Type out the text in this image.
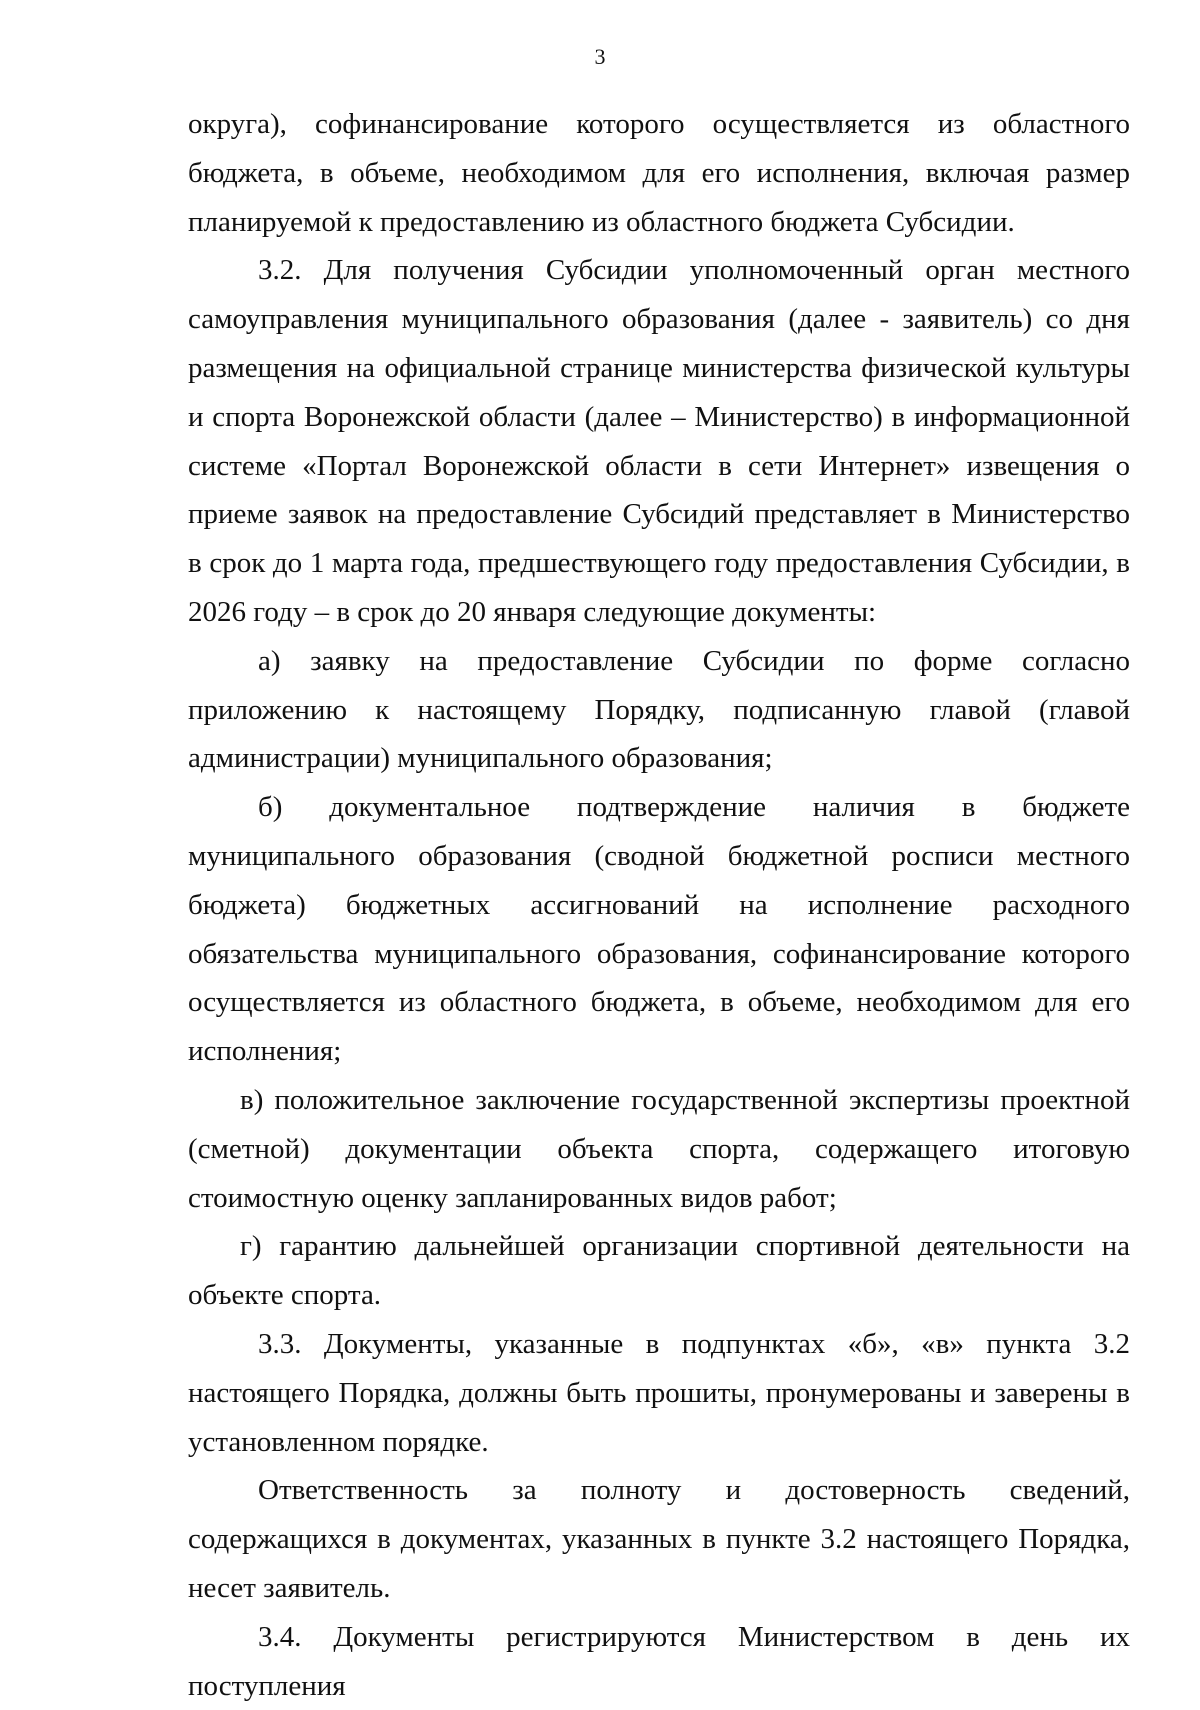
3

округа), софинансирование которого осуществляется из областного бюджета, в объеме, необходимом для его исполнения, включая размер планируемой к предоставлению из областного бюджета Субсидии.

3.2. Для получения Субсидии уполномоченный орган местного самоуправления муниципального образования (далее - заявитель) со дня размещения на официальной странице министерства физической культуры и спорта Воронежской области (далее – Министерство) в информационной системе «Портал Воронежской области в сети Интернет» извещения о приеме заявок на предоставление Субсидий представляет в Министерство в срок до 1 марта года, предшествующего году предоставления Субсидии, в 2026 году – в срок до 20 января следующие документы:

а) заявку на предоставление Субсидии по форме согласно приложению к настоящему Порядку, подписанную главой (главой администрации) муниципального образования;

б) документальное подтверждение наличия в бюджете муниципального образования (сводной бюджетной росписи местного бюджета) бюджетных ассигнований на исполнение расходного обязательства муниципального образования, софинансирование которого осуществляется из областного бюджета, в объеме, необходимом для его исполнения;

в) положительное заключение государственной экспертизы проектной (сметной) документации объекта спорта, содержащего итоговую стоимостную оценку запланированных видов работ;

г) гарантию дальнейшей организации спортивной деятельности на объекте спорта.

3.3. Документы, указанные в подпунктах «б», «в» пункта 3.2 настоящего Порядка, должны быть прошиты, пронумерованы и заверены в установленном порядке.

Ответственность за полноту и достоверность сведений, содержащихся в документах, указанных в пункте 3.2 настоящего Порядка, несет заявитель.

3.4. Документы регистрируются Министерством в день их поступления
